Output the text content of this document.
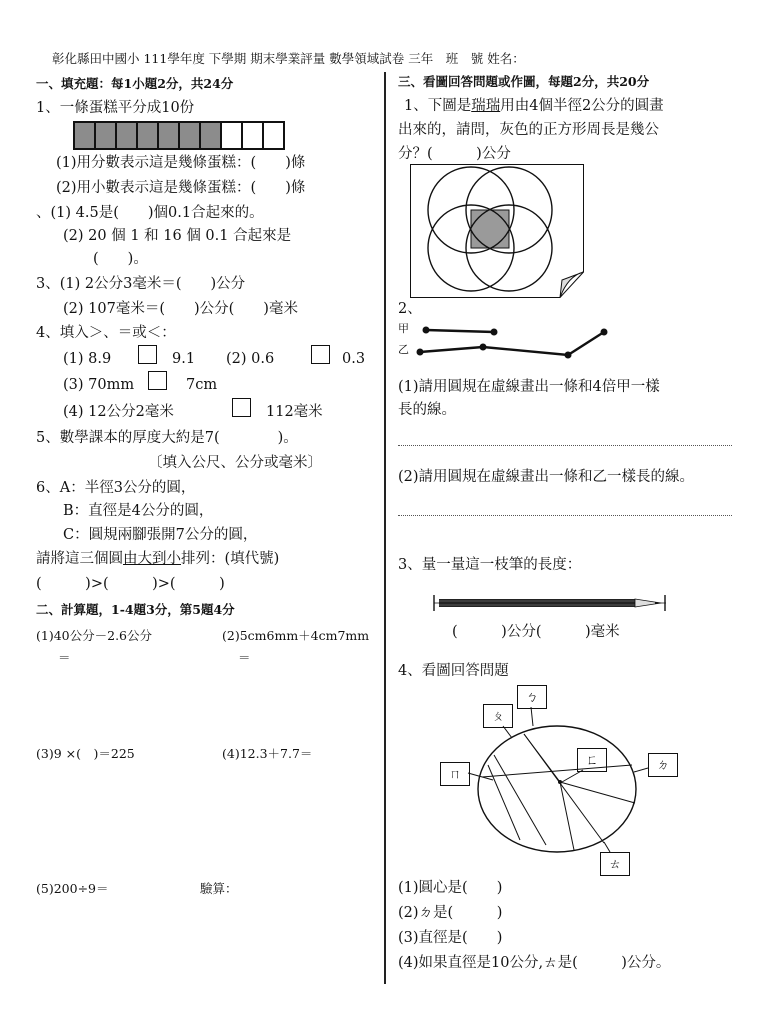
彰化縣田中國小 111學年度 下學期 期末學業評量 數學領域試卷 三年　班　號 姓名：
一、填充題：每1小題2分，共24分
1、一條蛋糕平分成10份
(1)用分數表示這是幾條蛋糕：(　　)條
(2)用小數表示這是幾條蛋糕：(　　)條
、(1) 4.5是(　　)個0.1合起來的。
(2) 20 個 1 和 16 個 0.1 合起來是
(　　)。
3、(1) 2公分3毫米＝(　　)公分
(2) 107毫米＝(　　)公分(　　)毫米
4、填入＞、＝或＜：
(1) 8.9	9.1 (2) 0.6	0.3
(3) 70mm	7cm
(4) 12公分2毫米	112毫米
5、數學課本的厚度大約是7(　　　　)。
〔填入公尺、公分或毫米〕
6、A：半徑3公分的圓，
B：直徑是4公分的圓，
C：圓規兩腳張開7公分的圓，
請將這三個圓由大到小排列：(填代號)
(　　　)>(　　　)>(　　　)
二、計算題，1-4題3分，第5題4分
(1)40公分－2.6公分
＝
(2)5cm6mm＋4cm7mm
＝
(3)9 ×(　)＝225	(4)12.3＋7.7＝
(5)200÷9＝	驗算：
三、看圖回答問題或作圖，每題2分，共20分
1、下圖是瑞瑞用由4個半徑2公分的圓畫
出來的，請問，灰色的正方形周長是幾公
分？(　　　)公分
2、
甲
乙
(1)請用圓規在虛線畫出一條和4倍甲一樣
長的線。
(2)請用圓規在虛線畫出一條和乙一樣長的線。
3、量一量這一枝筆的長度：
(　　　)公分(　　　)毫米
4、看圖回答問題
ㄅ
ㄆ
ㄇ
ㄈ	ㄉ
ㄊ
(1)圓心是(　　)
(2)ㄉ是(　　　)
(3)直徑是(　　)
(4)如果直徑是10公分,ㄊ是(　　　)公分。
